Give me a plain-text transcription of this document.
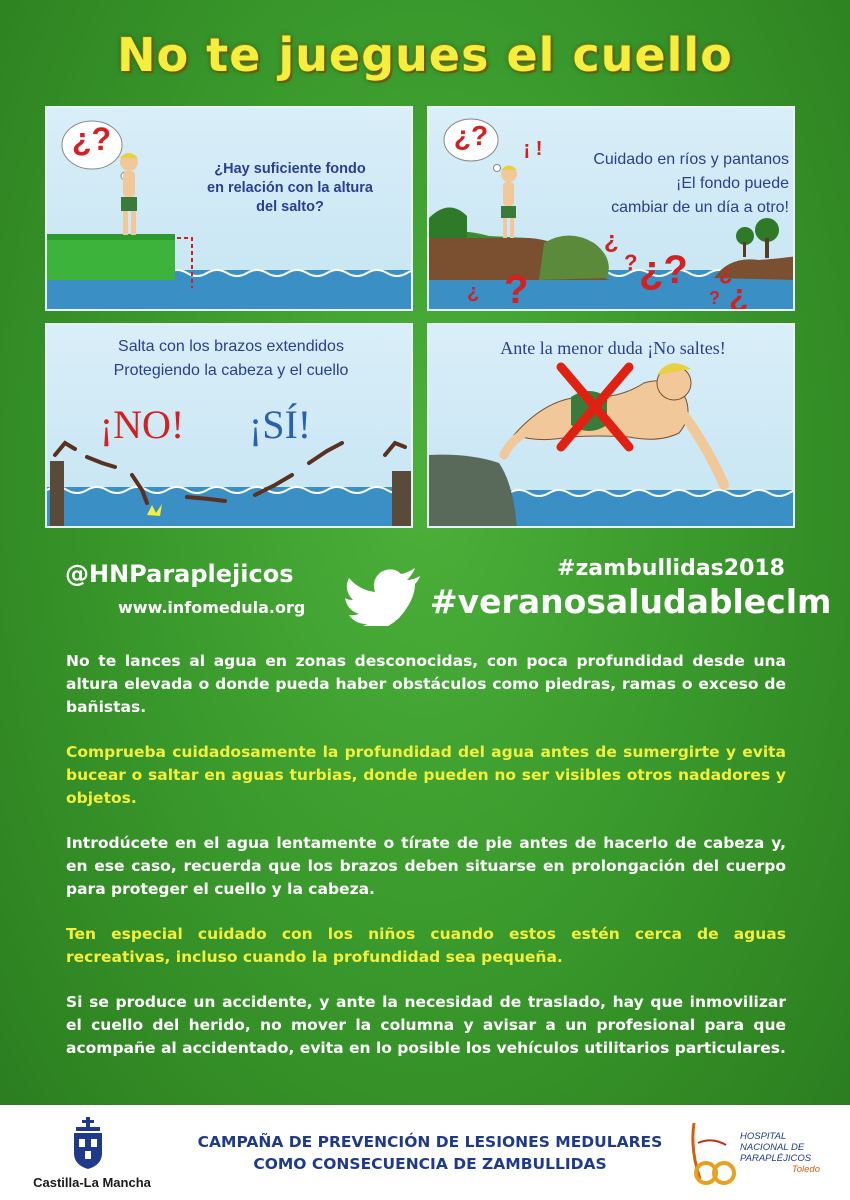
No te juegues el cuello
¿?
¿Hay suficiente fondo
en relación con la altura
del salto?
¿
? ¿?
?
¿
¿
¿
?
¿?	¡ !	Cuidado en ríos y pantanos
¡El fondo puede
cambiar de un día a otro!
Salta con los brazos extendidos
Protegiendo la cabeza y el cuello
¡NO!	¡SÍ!
Ante la menor duda ¡No saltes!
@HNParaplejicos
www.infomedula.org
#zambullidas2018
#veranosaludableclm
No te lances al agua en zonas desconocidas, con poca profundidad desde una altura elevada o donde pueda haber obstáculos como piedras, ramas o exceso de bañistas.
Comprueba cuidadosamente la profundidad del agua antes de sumergirte y evita bucear o saltar en aguas turbias, donde pueden no ser visibles otros nadadores y objetos.
Introdúcete en el agua lentamente o tírate de pie antes de hacerlo de cabeza y, en ese caso, recuerda que los brazos deben situarse en prolongación del cuerpo para proteger el cuello y la cabeza.
Ten especial cuidado con los niños cuando estos estén cerca de aguas recreativas, incluso cuando la profundidad sea pequeña.
Si se produce un accidente, y ante la necesidad de traslado, hay que inmovilizar el cuello del herido, no mover la columna y avisar a un profesional para que acompañe al accidentado, evita en lo posible los vehículos utilitarios particulares.
Castilla-La Mancha
CAMPAÑA DE PREVENCIÓN DE LESIONES MEDULARES
COMO CONSECUENCIA DE ZAMBULLIDAS
HOSPITAL
NACIONAL DE
PARAPLÉJICOS
Toledo
